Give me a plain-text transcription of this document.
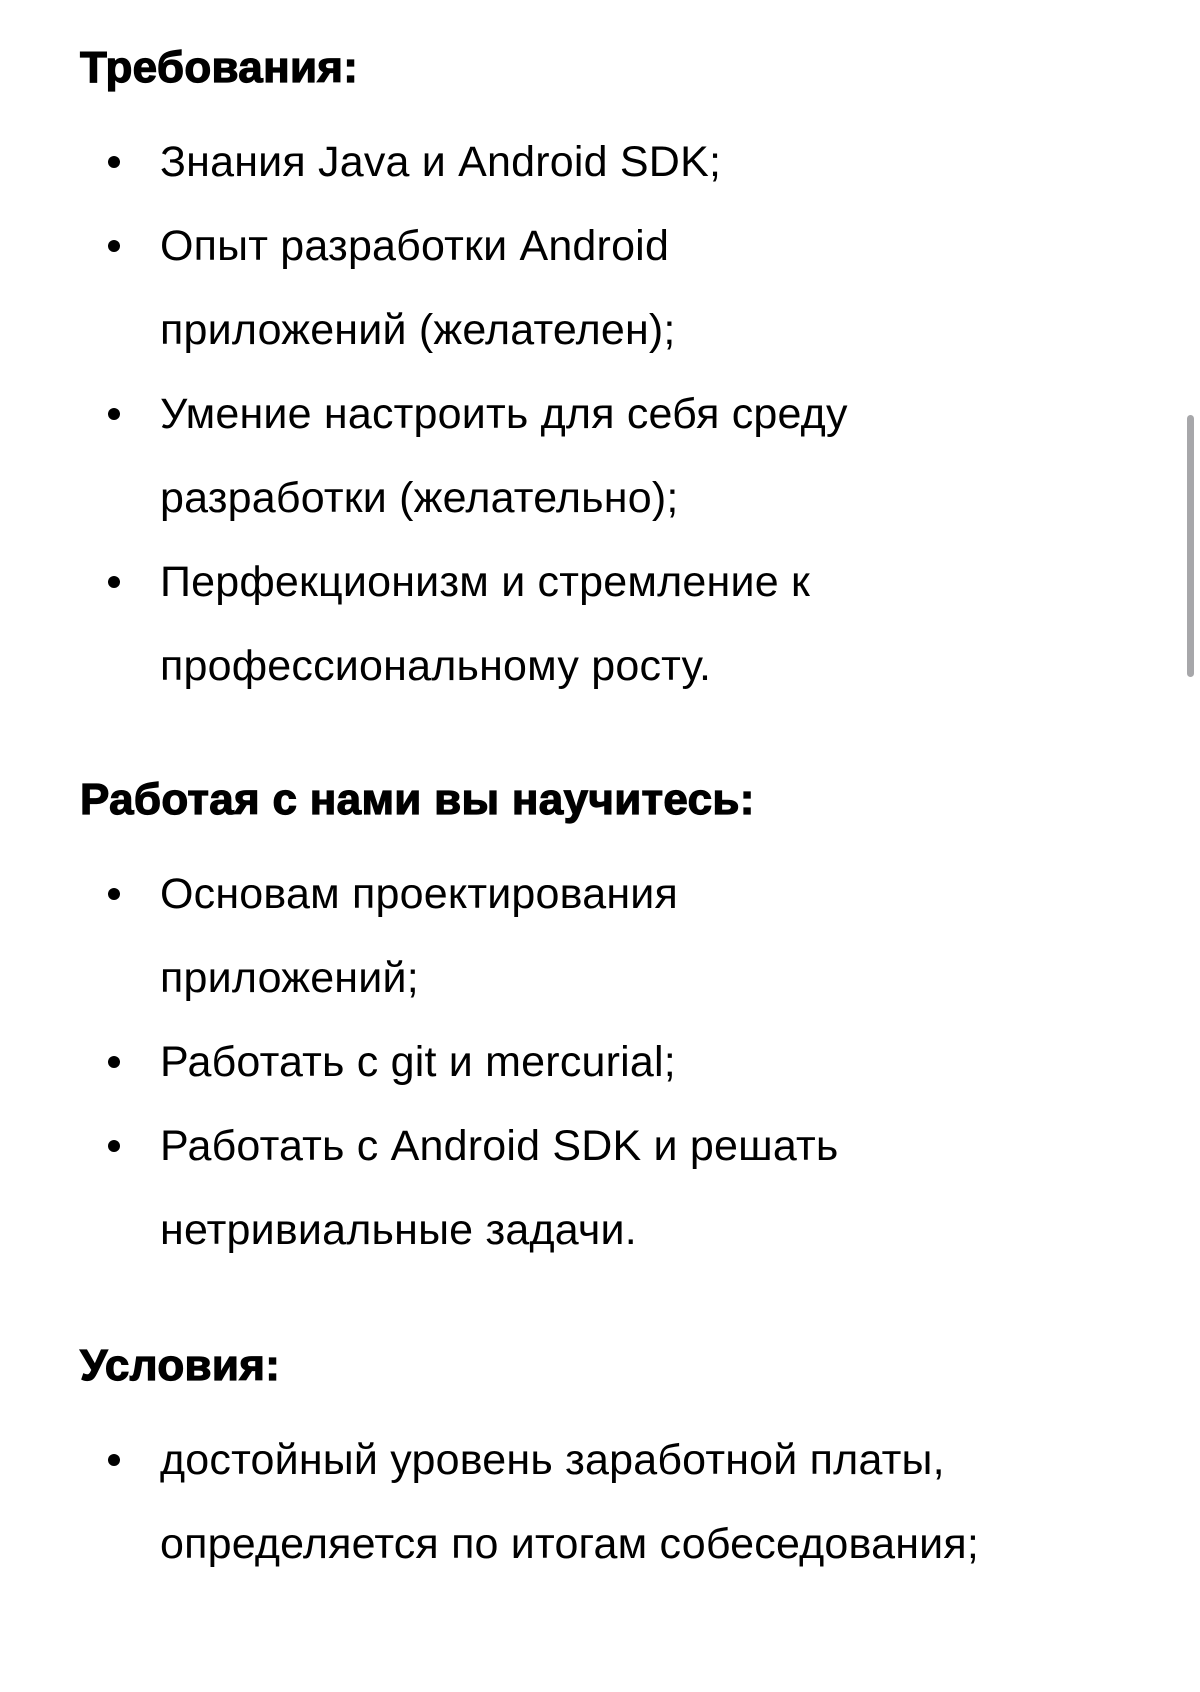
Требования:
Знания Java и Android SDK;
Опыт разработки Android приложений (желателен);
Умение настроить для себя среду разработки (желательно);
Перфекционизм и стремление к профессиональному росту.
Работая с нами вы научитесь:
Основам проектирования приложений;
Работать с git и mercurial;
Работать с Android SDK и решать нетривиальные задачи.
Условия:
достойный уровень заработной платы, определяется по итогам собеседования;
